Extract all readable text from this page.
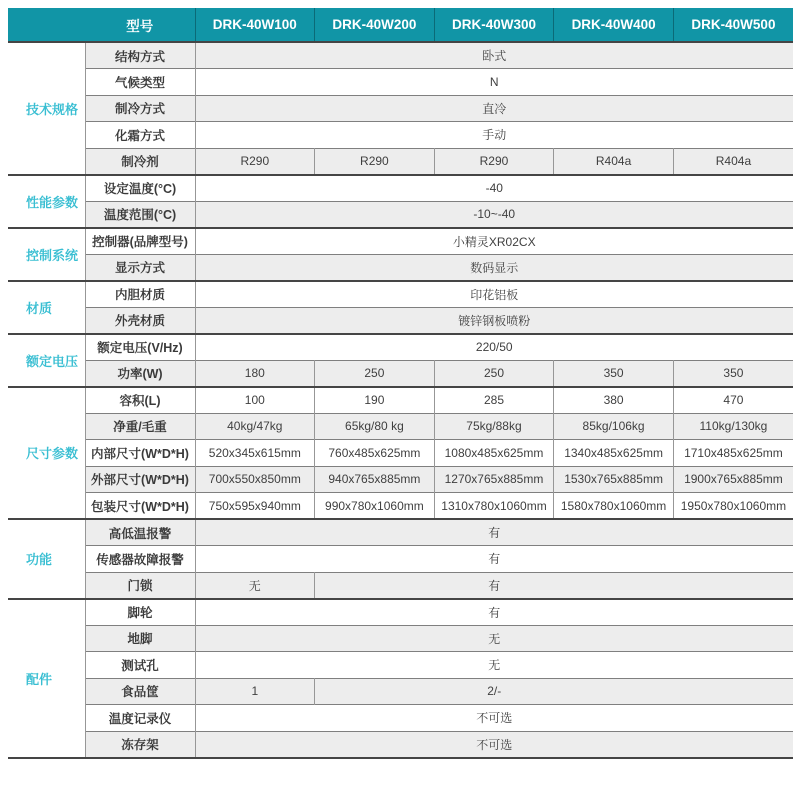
型号		DRK-40W100	DRK-40W200	DRK-40W300	DRK-40W400	DRK-40W500
技术规格	结构方式	卧式				
	气候类型	N				
	制冷方式	直冷				
	化霜方式	手动				
	制冷剂	R290	R290	R290	R404a	R404a
性能参数	设定温度(°C)	-40				
	温度范围(°C)	-10~-40				
控制系统	控制器(品牌型号)	小精灵XR02CX				
	显示方式	数码显示				
材质	内胆材质	印花铝板				
	外壳材质	镀锌钢板喷粉				
额定电压	额定电压(V/Hz)	220/50				
	功率(W)	180	250	250	350	350
尺寸参数	容积(L)	100	190	285	380	470
	净重/毛重	40kg/47kg	65kg/80 kg	75kg/88kg	85kg/106kg	110kg/130kg
	内部尺寸(W*D*H)	520x345x615mm	760x485x625mm	1080x485x625mm	1340x485x625mm	1710x485x625mm
	外部尺寸(W*D*H)	700x550x850mm	940x765x885mm	1270x765x885mm	1530x765x885mm	1900x765x885mm
	包装尺寸(W*D*H)	750x595x940mm	990x780x1060mm	1310x780x1060mm	1580x780x1060mm	1950x780x1060mm
功能	高低温报警	有				
	传感器故障报警	有				
	门锁	无	有			
配件	脚轮	有				
	地脚	无				
	测试孔	无				
	食品筐	1	2/-			
	温度记录仪	不可选				
	冻存架	不可选				
